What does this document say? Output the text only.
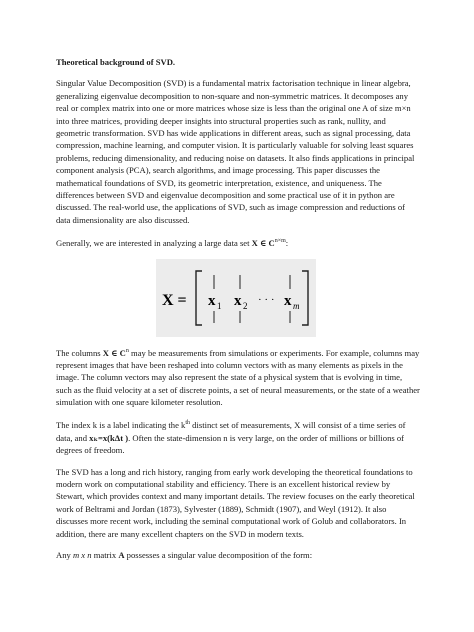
Theoretical background of SVD.

Singular Value Decomposition (SVD) is a fundamental matrix factorisation technique in linear algebra, generalizing eigenvalue decomposition to non-square and non-symmetric matrices. It decomposes any real or complex matrix into one or more matrices whose size is less than the original one A of size m×n into three matrices, providing deeper insights into structural properties such as rank, nullity, and geometric transformation. SVD has wide applications in different areas, such as signal processing, data compression, machine learning, and computer vision. It is particularly valuable for solving least squares problems, reducing dimensionality, and reducing noise on datasets. It also finds applications in principal component analysis (PCA), search algorithms, and image processing. This paper discusses the mathematical foundations of SVD, its geometric interpretation, existence, and uniqueness. The differences between SVD and eigenvalue decomposition and some practical use of it in python are discussed. The real-world use, the applications of SVD, such as image compression and reductions of data dimensionality are also discussed.

Generally, we are interested in analyzing a large data set X ∈ $C^{n\times m}$:

X = x 1 x 2 · · · x m

The columns X ∈ $C^n$ may be measurements from simulations or experiments. For example, columns may represent images that have been reshaped into column vectors with as many elements as pixels in the image. The column vectors may also represent the state of a physical system that is evolving in time, such as the fluid velocity at a set of discrete points, a set of neural measurements, or the state of a weather simulation with one square kilometer resolution.

The index k is a label indicating the $k^{th}$ distinct set of measurements, X will consist of a time series of data, and xₖ=x(kΔt ). Often the state-dimension n is very large, on the order of millions or billions of degrees of freedom.

The SVD has a long and rich history, ranging from early work developing the theoretical foundations to modern work on computational stability and efficiency. There is an excellent historical review by Stewart, which provides context and many important details. The review focuses on the early theoretical work of Beltrami and Jordan (1873), Sylvester (1889), Schmidt (1907), and Weyl (1912). It also discusses more recent work, including the seminal computational work of Golub and collaborators. In addition, there are many excellent chapters on the SVD in modern texts.

Any m x n matrix A possesses a singular value decomposition of the form:
